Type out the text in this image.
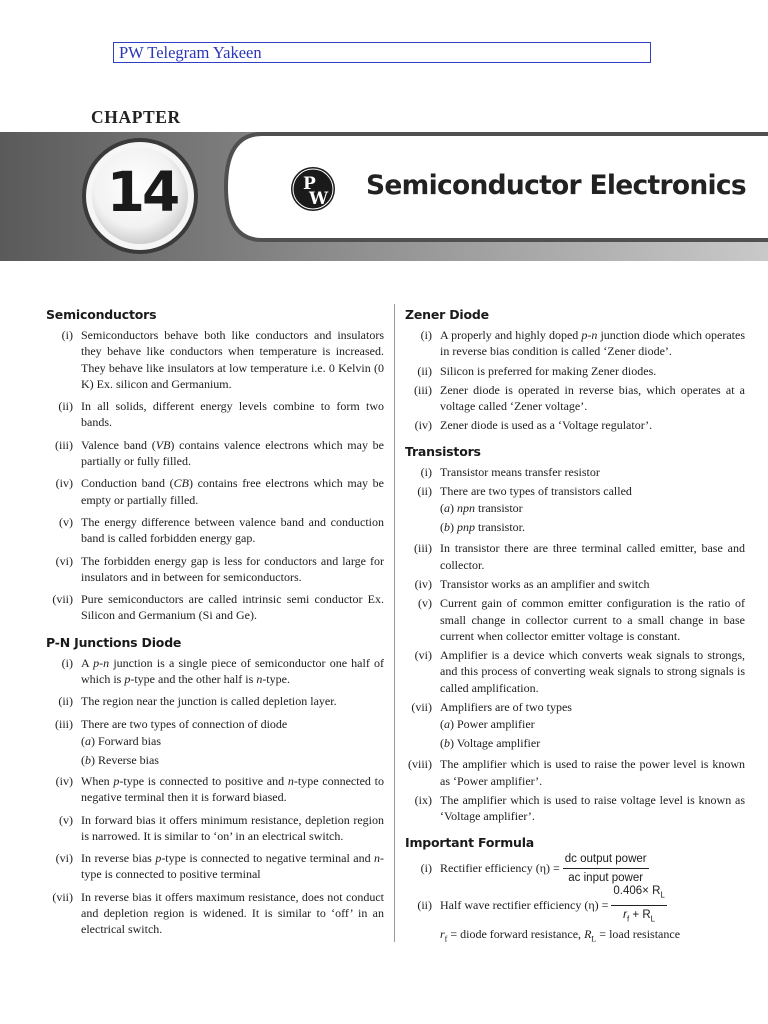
PW Telegram Yakeen
CHAPTER
14	P
W Semiconductor Electronics
Semiconductors

(i) Semiconductors behave both like conductors and insulators they behave like conductors when temperature is increased. They behave like insulators at low temperature i.e. 0 Kelvin (0 K) Ex. silicon and Germanium.

(ii) In all solids, different energy levels combine to form two bands.

(iii) Valence band (VB) contains valence electrons which may be partially or fully filled.

(iv) Conduction band (CB) contains free electrons which may be empty or partially filled.

(v) The energy difference between valence band and conduction band is called forbidden energy gap.

(vi) The forbidden energy gap is less for conductors and large for insulators and in between for semiconductors.

(vii) Pure semiconductors are called intrinsic semi conductor Ex. Silicon and Germanium (Si and Ge).

P-N Junctions Diode

(i) A p-n junction is a single piece of semiconductor one half of which is p-type and the other half is n-type.

(ii) The region near the junction is called depletion layer.

(iii) There are two types of connection of diode

(a) Forward bias
(b) Reverse bias

(iv) When p-type is connected to positive and n-type connected to negative terminal then it is forward biased.

(v) In forward bias it offers minimum resistance, depletion region is narrowed. It is similar to ‘on’ in an electrical switch.

(vi) In reverse bias p-type is connected to negative terminal and n-type is connected to positive terminal

(vii) In reverse bias it offers maximum resistance, does not conduct and depletion region is widened. It is similar to ‘off’ in an electrical switch.

Zener Diode

(i) A properly and highly doped p-n junction diode which operates in reverse bias condition is called ‘Zener diode’.

(ii) Silicon is preferred for making Zener diodes.

(iii) Zener diode is operated in reverse bias, which operates at a voltage called ‘Zener voltage’.

(iv) Zener diode is used as a ‘Voltage regulator’.

Transistors

(i) Transistor means transfer resistor

(ii) There are two types of transistors called

(a) npn transistor
(b) pnp transistor.

(iii) In transistor there are three terminal called emitter, base and collector.

(iv) Transistor works as an amplifier and switch

(v) Current gain of common emitter configuration is the ratio of small change in collector current to a small change in base current when collector emitter voltage is constant.

(vi) Amplifier is a device which converts weak signals to strongs, and this process of converting weak signals to strong signals is called amplification.

(vii) Amplifiers are of two types

(a) Power amplifier
(b) Voltage amplifier

(viii) The amplifier which is used to raise the power level is known as ‘Power amplifier’.

(ix) The amplifier which is used to raise voltage level is known as ‘Voltage amplifier’.

Important Formula
(i) Rectifier efficiency $(\eta) = \frac{\text{dc output power}}{\text{ac input power}}$
(ii) Half wave rectifier efficiency
$(\eta) = \frac{0.406\times R_L}{r_f + R_L}$
$r_f$ = diode forward resistance, $R_L$ = load resistance
